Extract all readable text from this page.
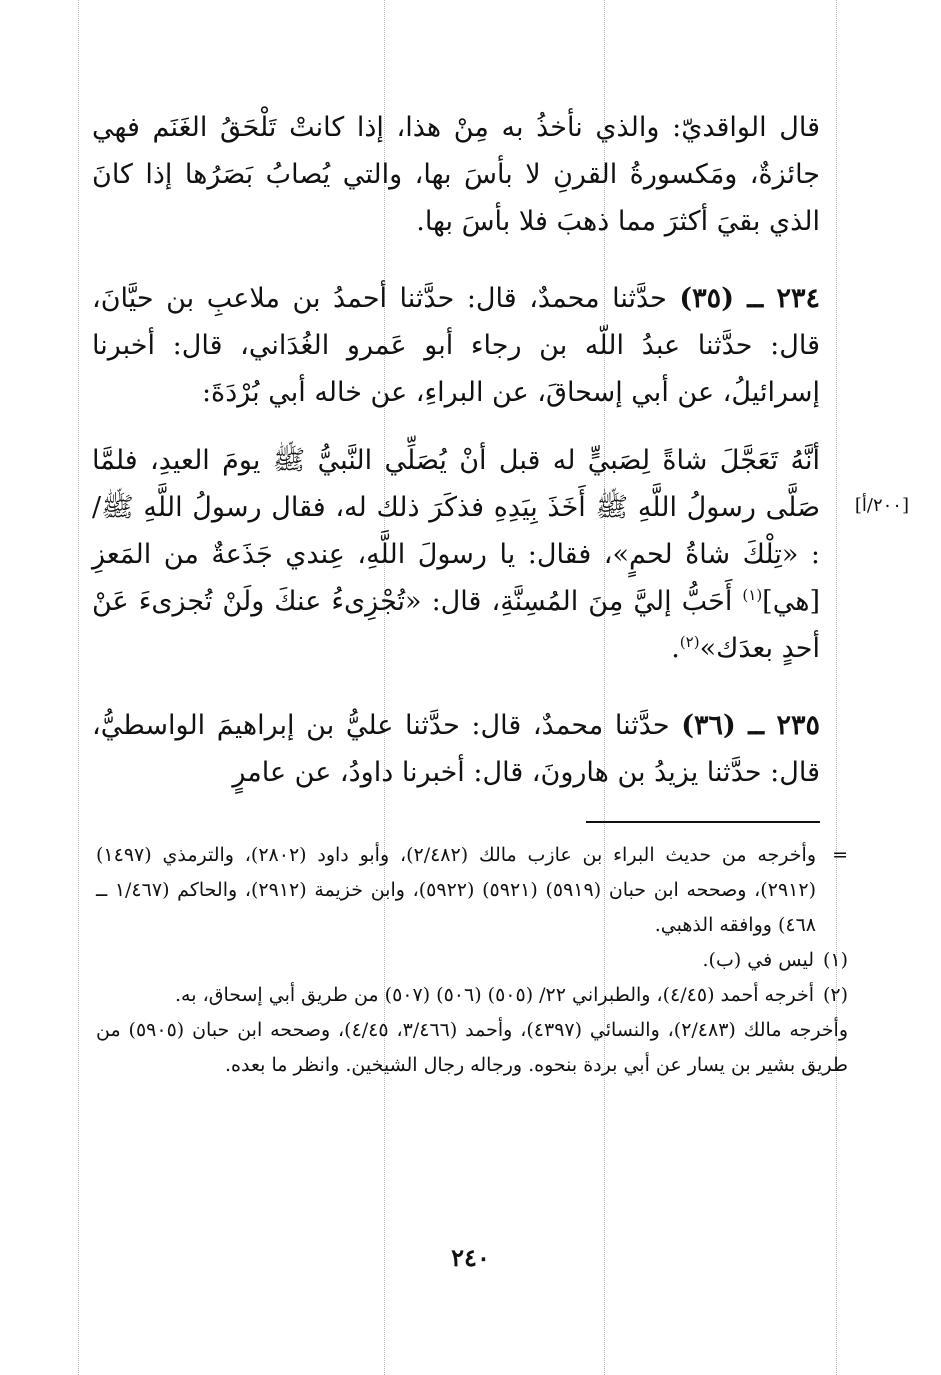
قال الواقديّ: والذي نأخذُ به مِنْ هذا، إذا كانتْ تَلْحَقُ الغَنَم فهي جائزةٌ، ومَكسورةُ القرنِ لا بأسَ بها، والتي يُصابُ بَصَرُها إذا كانَ الذي بقيَ أكثرَ مما ذهبَ فلا بأسَ بها.

٢٣٤ ــ (٣٥) حدَّثنا محمدٌ، قال: حدَّثنا أحمدُ بن ملاعبِ بن حيَّانَ، قال: حدَّثنا عبدُ اللّه بن رجاء أبو عَمرو الغُدَاني، قال: أخبرنا إسرائيلُ، عن أبي إسحاقَ، عن البراءِ، عن خاله أبي بُرْدَةَ:

أنَّهُ تَعَجَّلَ شاةً لِصَبيٍّ له قبل أنْ يُصَلِّي النَّبيُّ ﷺ يومَ العيدِ، فلمَّا صَلَّى رسولُ اللَّهِ ﷺ أَخَذَ بِيَدِهِ فذكَرَ ذلك له، فقال رسولُ اللَّهِ ﷺ/ : «تِلْكَ شاةُ لحمٍ»، فقال: يا رسولَ اللَّهِ، عِندي جَذَعةٌ من المَعزِ [هي]$^{(١)}$ أَحَبُّ إليَّ مِنَ المُسِنَّةِ، قال: «تُجْزِىءُ عنكَ ولَنْ تُجزىءَ عَنْ أحدٍ بعدَك»$^{(٢)}$.

[٢٠٠/أ]

٢٣٥ ــ (٣٦) حدَّثنا محمدٌ، قال: حدَّثنا عليُّ بن إبراهيمَ الواسطيُّ، قال: حدَّثنا يزيدُ بن هارونَ، قال: أخبرنا داودُ، عن عامرٍ

=
وأخرجه من حديث البراء بن عازب مالك (٢/٤٨٢)، وأبو داود (٢٨٠٢)، والترمذي (١٤٩٧) (٢٩١٢)، وصححه ابن حبان (٥٩١٩) (٥٩٢١) (٥٩٢٢)، وابن خزيمة (٢٩١٢)، والحاكم (١/٤٦٧ ــ ٤٦٨) ووافقه الذهبي.
(١)
ليس في (ب).
(٢)
أخرجه أحمد (٤/٤٥)، والطبراني ٢٢/ (٥٠٥) (٥٠٦) (٥٠٧) من طريق أبي إسحاق، به.
وأخرجه مالك (٢/٤٨٣)، والنسائي (٤٣٩٧)، وأحمد (٣/٤٦٦، ٤/٤٥)، وصححه ابن حبان (٥٩٠٥) من طريق بشير بن يسار عن أبي بردة بنحوه. ورجاله رجال الشيخين. وانظر ما بعده.
٢٤٠
